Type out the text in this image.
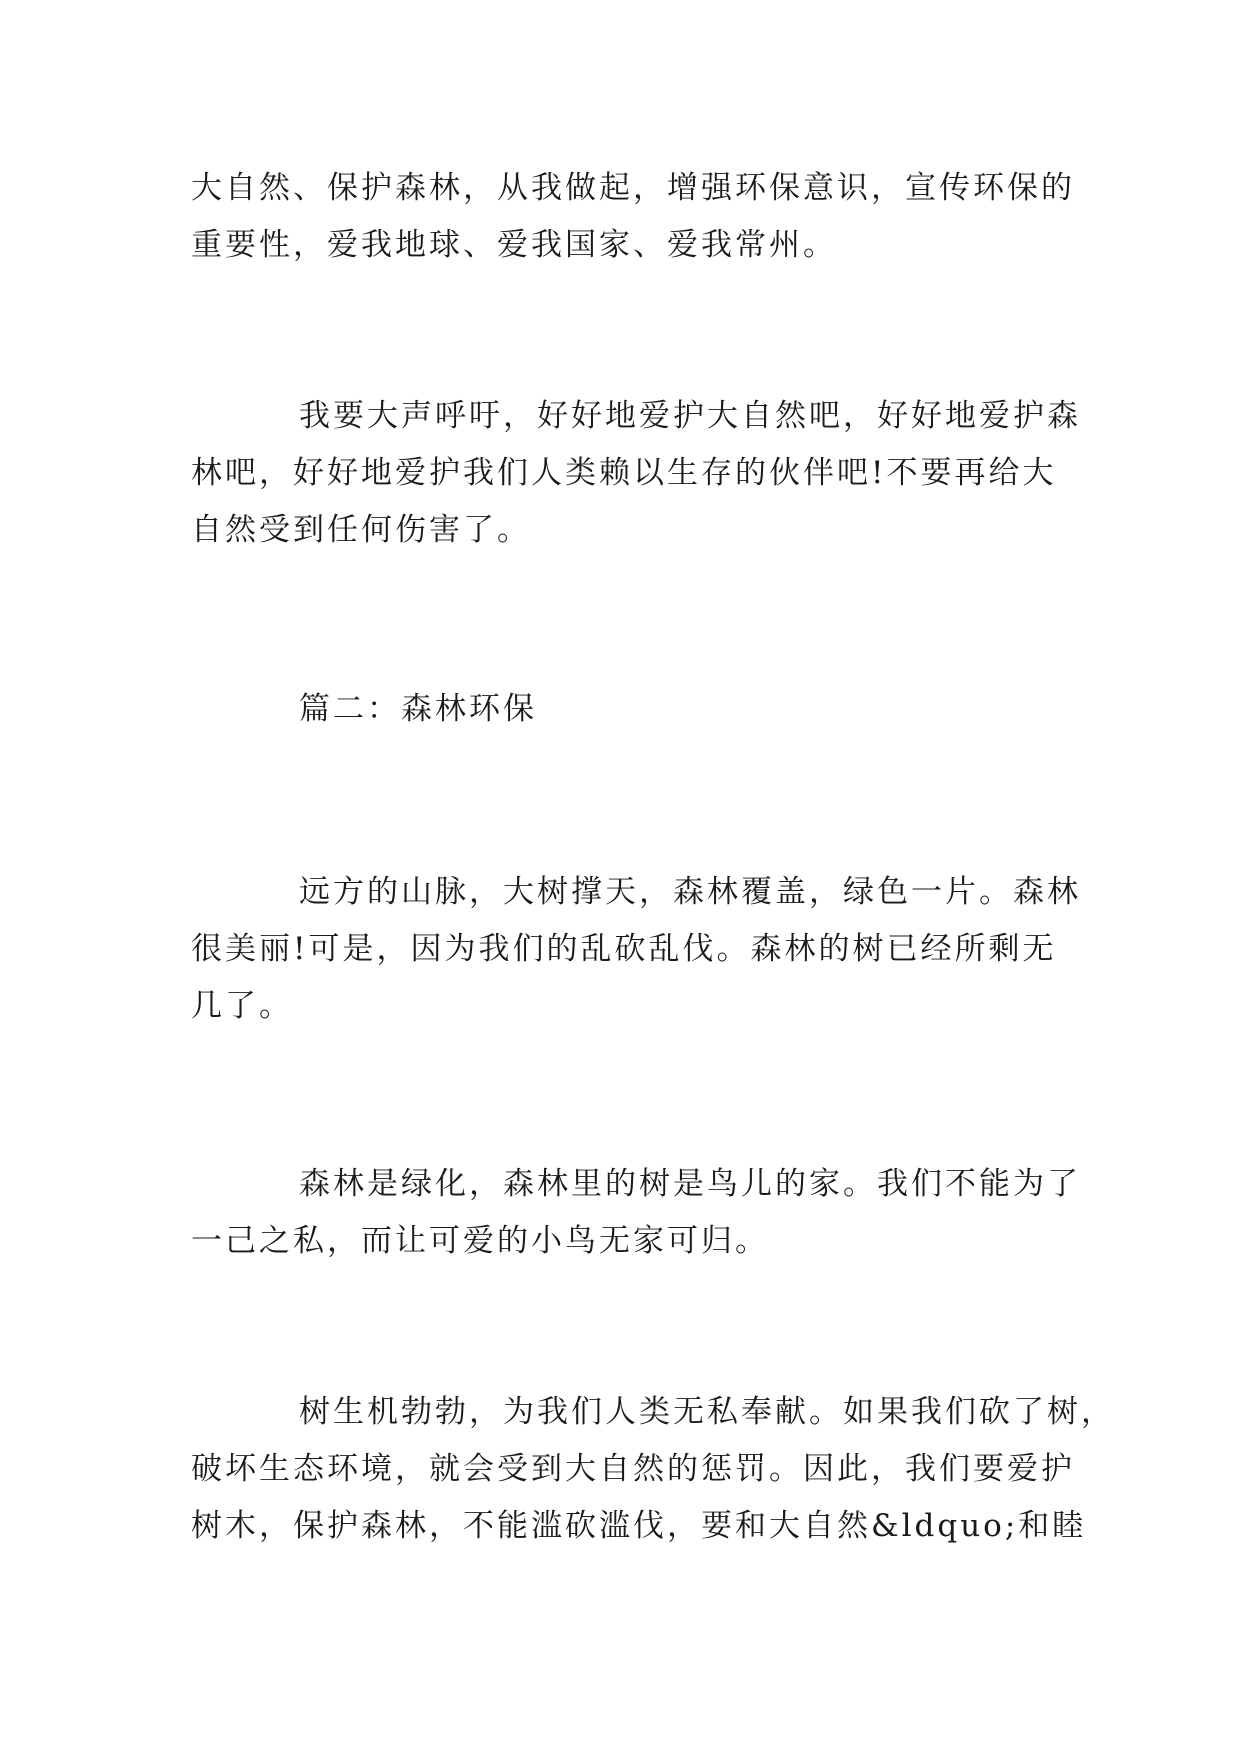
大自然、保护森林，从我做起，增强环保意识，宣传环保的
重要性，爱我地球、爱我国家、爱我常州。

我要大声呼吁，好好地爱护大自然吧，好好地爱护森
林吧，好好地爱护我们人类赖以生存的伙伴吧!不要再给大
自然受到任何伤害了。

篇二：森林环保

远方的山脉，大树撑天，森林覆盖，绿色一片。森林
很美丽!可是，因为我们的乱砍乱伐。森林的树已经所剩无
几了。

森林是绿化，森林里的树是鸟儿的家。我们不能为了
一己之私，而让可爱的小鸟无家可归。

树生机勃勃，为我们人类无私奉献。如果我们砍了树，
破坏生态环境，就会受到大自然的惩罚。因此，我们要爱护
树木，保护森林，不能滥砍滥伐，要和大自然&ldquo;和睦
